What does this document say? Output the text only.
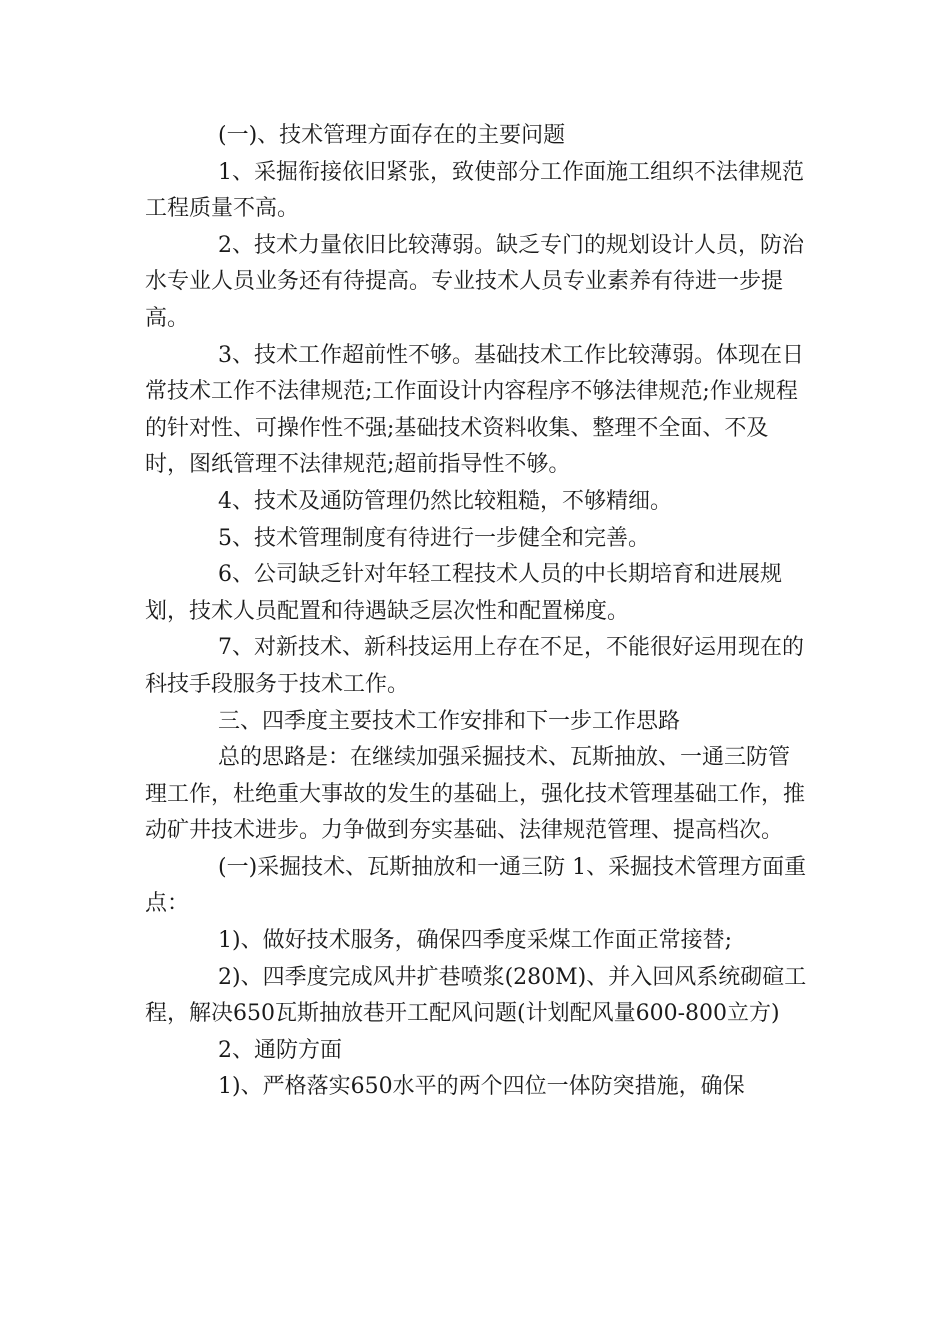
(一)、技术管理方面存在的主要问题

1、采掘衔接依旧紧张，致使部分工作面施工组织不法律规范工程质量不高。

2、技术力量依旧比较薄弱。缺乏专门的规划设计人员，防治水专业人员业务还有待提高。专业技术人员专业素养有待进一步提高。

3、技术工作超前性不够。基础技术工作比较薄弱。体现在日常技术工作不法律规范;工作面设计内容程序不够法律规范;作业规程的针对性、可操作性不强;基础技术资料收集、整理不全面、不及时，图纸管理不法律规范;超前指导性不够。

4、技术及通防管理仍然比较粗糙，不够精细。

5、技术管理制度有待进行一步健全和完善。

6、公司缺乏针对年轻工程技术人员的中长期培育和进展规划，技术人员配置和待遇缺乏层次性和配置梯度。

7、对新技术、新科技运用上存在不足，不能很好运用现在的科技手段服务于技术工作。

三、四季度主要技术工作安排和下一步工作思路

总的思路是：在继续加强采掘技术、瓦斯抽放、一通三防管理工作，杜绝重大事故的发生的基础上，强化技术管理基础工作，推动矿井技术进步。力争做到夯实基础、法律规范管理、提高档次。

(一)采掘技术、瓦斯抽放和一通三防 1、采掘技术管理方面重点：

1)、做好技术服务，确保四季度采煤工作面正常接替;

2)、四季度完成风井扩巷喷浆(280M)、并入回风系统砌碹工程，解决650瓦斯抽放巷开工配风问题(计划配风量600-800立方)

2、通防方面

1)、严格落实650水平的两个四位一体防突措施，确保
